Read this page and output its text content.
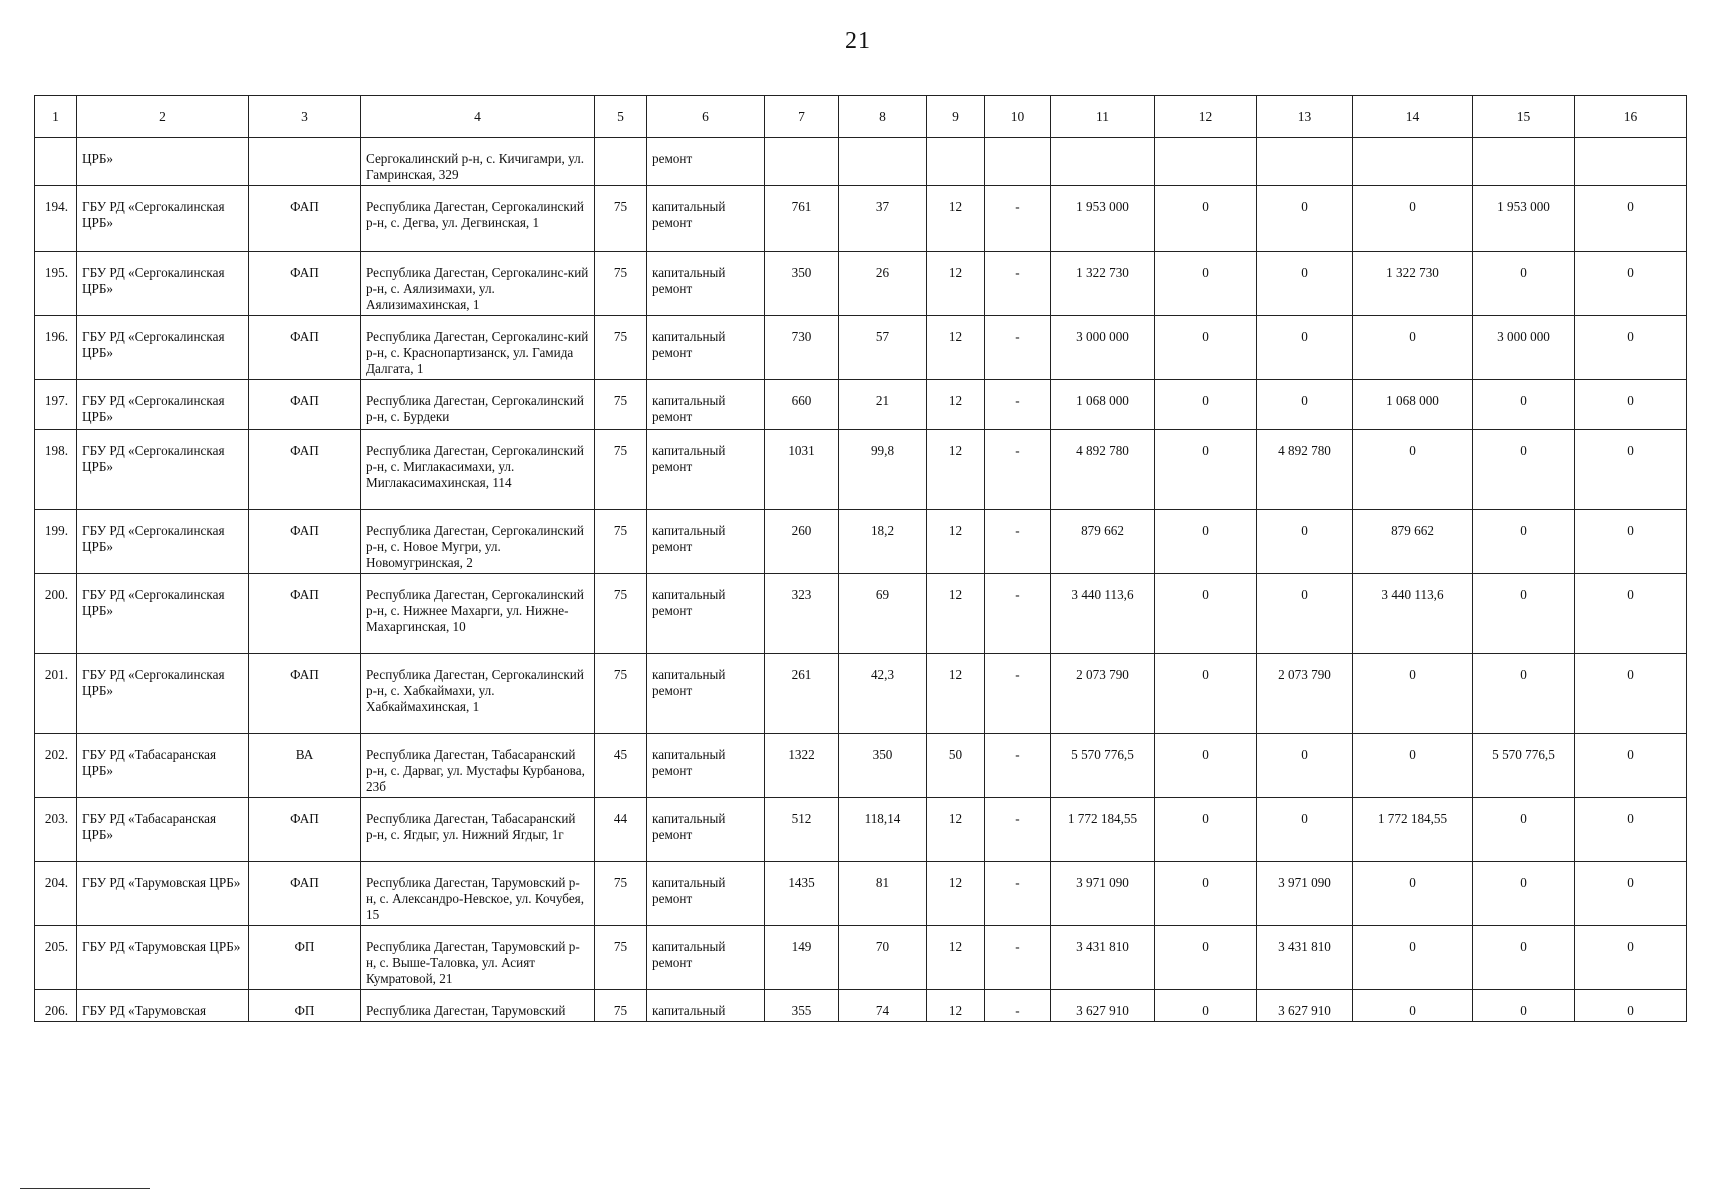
21
1	2	3	4	5	6	7	8	9	10	11	12	13	14	15	16
	ЦРБ»		Сергокалинский р-н, с. Кичигамри, ул. Гамринская, 329		ремонт										
194.	ГБУ РД «Сергокалинская ЦРБ»	ФАП	Республика Дагестан, Сергокалинский р-н, с. Дегва, ул. Дегвинская, 1	75	капитальный ремонт	761	37	12	-	1 953 000	0	0	0	1 953 000	0
195.	ГБУ РД «Сергокалинская ЦРБ»	ФАП	Республика Дагестан, Сергокалинс-кий р-н, с. Аялизимахи, ул. Аялизимахинская, 1	75	капитальный ремонт	350	26	12	-	1 322 730	0	0	1 322 730	0	0
196.	ГБУ РД «Сергокалинская ЦРБ»	ФАП	Республика Дагестан, Сергокалинс-кий р-н, с. Краснопартизанск, ул. Гамида Далгата, 1	75	капитальный ремонт	730	57	12	-	3 000 000	0	0	0	3 000 000	0
197.	ГБУ РД «Сергокалинская ЦРБ»	ФАП	Республика Дагестан, Сергокалинский р-н, с. Бурдеки	75	капитальный ремонт	660	21	12	-	1 068 000	0	0	1 068 000	0	0
198.	ГБУ РД «Сергокалинская ЦРБ»	ФАП	Республика Дагестан, Сергокалинский р-н, с. Миглакасимахи, ул. Миглакасимахинская, 114	75	капитальный ремонт	1031	99,8	12	-	4 892 780	0	4 892 780	0	0	0
199.	ГБУ РД «Сергокалинская ЦРБ»	ФАП	Республика Дагестан, Сергокалинский р-н, с. Новое Мугри, ул. Новомугринская, 2	75	капитальный ремонт	260	18,2	12	-	879 662	0	0	879 662	0	0
200.	ГБУ РД «Сергокалинская ЦРБ»	ФАП	Республика Дагестан, Сергокалинский р-н, с. Нижнее Махарги, ул. Нижне-Махаргинская, 10	75	капитальный ремонт	323	69	12	-	3 440 113,6	0	0	3 440 113,6	0	0
201.	ГБУ РД «Сергокалинская ЦРБ»	ФАП	Республика Дагестан, Сергокалинский р-н, с. Хабкаймахи, ул. Хабкаймахинская, 1	75	капитальный ремонт	261	42,3	12	-	2 073 790	0	2 073 790	0	0	0
202.	ГБУ РД «Табасаранская ЦРБ»	ВА	Республика Дагестан, Табасаранский р-н, с. Дарваг, ул. Мустафы Курбанова, 23б	45	капитальный ремонт	1322	350	50	-	5 570 776,5	0	0	0	5 570 776,5	0
203.	ГБУ РД «Табасаранская ЦРБ»	ФАП	Республика Дагестан, Табасаранский р-н, с. Ягдыг, ул. Нижний Ягдыг, 1г	44	капитальный ремонт	512	118,14	12	-	1 772 184,55	0	0	1 772 184,55	0	0
204.	ГБУ РД «Тарумовская ЦРБ»	ФАП	Республика Дагестан, Тарумовский р-н, с. Александро-Невское, ул. Кочубея, 15	75	капитальный ремонт	1435	81	12	-	3 971 090	0	3 971 090	0	0	0
205.	ГБУ РД «Тарумовская ЦРБ»	ФП	Республика Дагестан, Тарумовский р-н, с. Выше-Таловка, ул. Асият Кумратовой, 21	75	капитальный ремонт	149	70	12	-	3 431 810	0	3 431 810	0	0	0
206.	ГБУ РД «Тарумовская	ФП	Республика Дагестан, Тарумовский	75	капитальный	355	74	12	-	3 627 910	0	3 627 910	0	0	0
